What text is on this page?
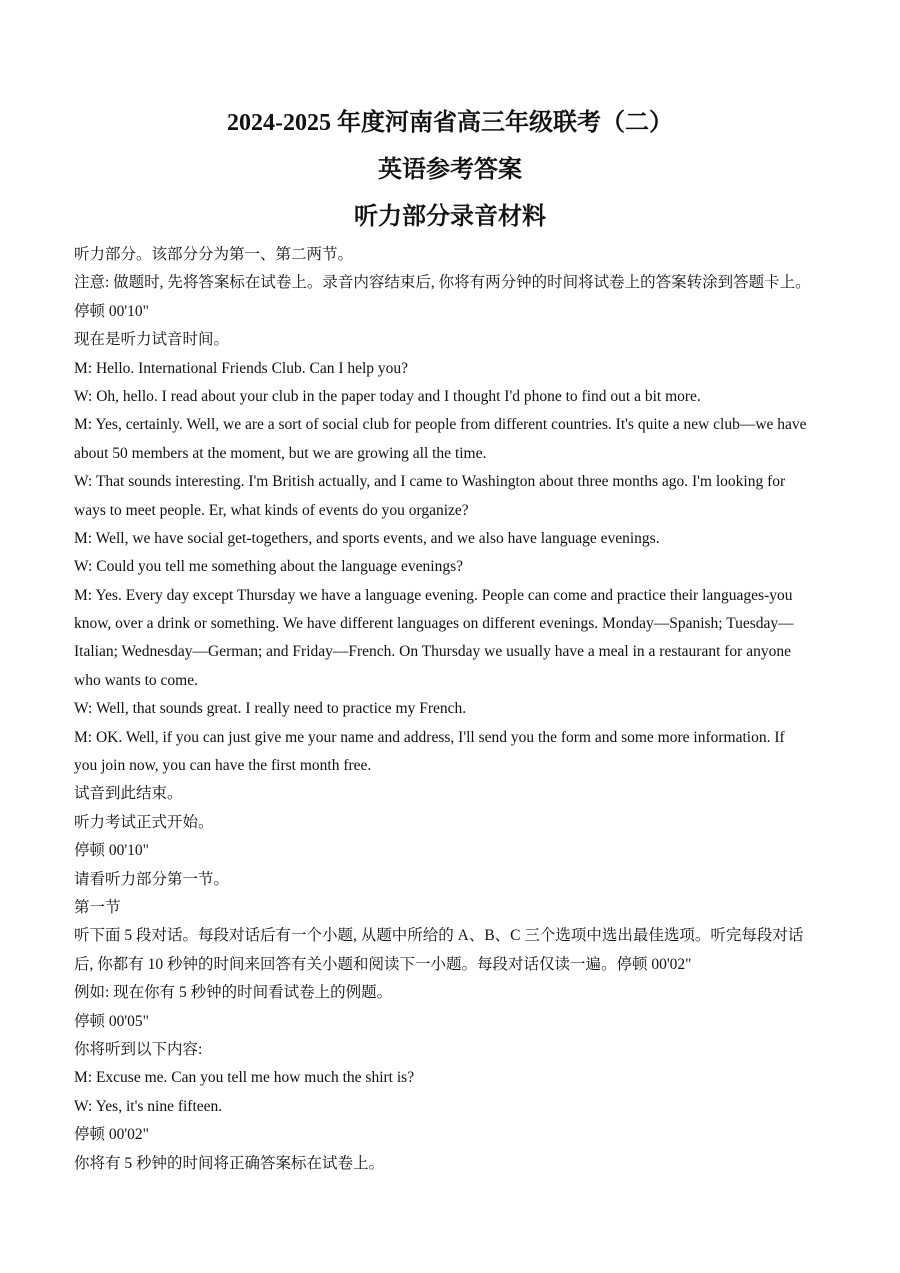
2024-2025 年度河南省高三年级联考（二）
英语参考答案
听力部分录音材料
听力部分。该部分分为第一、第二两节。
注意: 做题时, 先将答案标在试卷上。录音内容结束后, 你将有两分钟的时间将试卷上的答案转涂到答题卡上。
停顿 00'10"
现在是听力试音时间。
M: Hello. International Friends Club. Can I help you?
W: Oh, hello. I read about your club in the paper today and I thought I'd phone to find out a bit more.
M: Yes, certainly. Well, we are a sort of social club for people from different countries. It's quite a new club—we have
about 50 members at the moment, but we are growing all the time.
W: That sounds interesting. I'm British actually, and I came to Washington about three months ago. I'm looking for
ways to meet people. Er, what kinds of events do you organize?
M: Well, we have social get-togethers, and sports events, and we also have language evenings.
W: Could you tell me something about the language evenings?
M: Yes. Every day except Thursday we have a language evening. People can come and practice their languages-you
know, over a drink or something. We have different languages on different evenings. Monday—Spanish; Tuesday—
Italian; Wednesday—German; and Friday—French. On Thursday we usually have a meal in a restaurant for anyone
who wants to come.
W: Well, that sounds great. I really need to practice my French.
M: OK. Well, if you can just give me your name and address, I'll send you the form and some more information. If
you join now, you can have the first month free.
试音到此结束。
听力考试正式开始。
停顿 00'10"
请看听力部分第一节。
第一节
听下面 5 段对话。每段对话后有一个小题, 从题中所给的 A、B、C 三个选项中选出最佳选项。听完每段对话
后, 你都有 10 秒钟的时间来回答有关小题和阅读下一小题。每段对话仅读一遍。停顿 00'02"
例如: 现在你有 5 秒钟的时间看试卷上的例题。
停顿 00'05"
你将听到以下内容:
M: Excuse me. Can you tell me how much the shirt is?
W: Yes, it's nine fifteen.
停顿 00'02"
你将有 5 秒钟的时间将正确答案标在试卷上。
